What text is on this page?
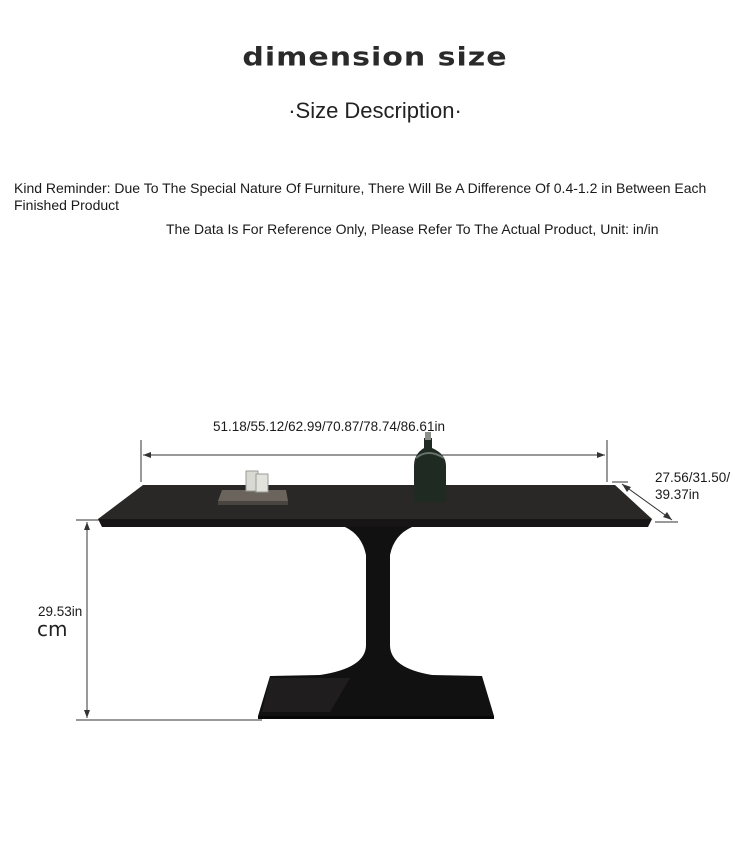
dimension size
·Size Description·
Kind Reminder: Due To The Special Nature Of Furniture, There Will Be A Difference Of 0.4-1.2 in Between Each Finished Product
The Data Is For Reference Only, Please Refer To The Actual Product, Unit: in/in
51.18/55.12/62.99/70.87/78.74/86.61in
27.56/31.50/
39.37in
29.53in
cm
